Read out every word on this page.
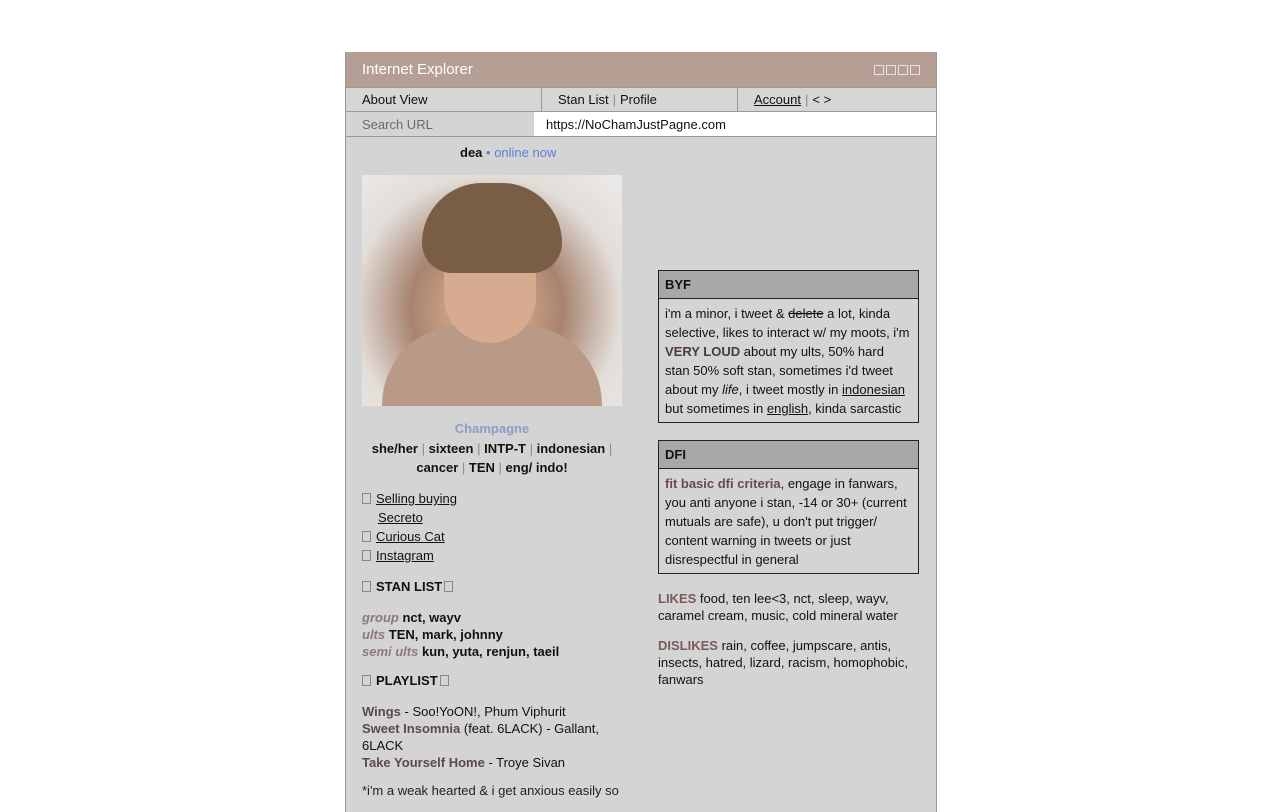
Internet Explorer
About View	Stan List | Profile	Account | < >
Search URL
https://NoChamJustPagne.com
dea • online now
Champagne
she/her | sixteen | INTP-T | indonesian |
cancer | TEN | eng/ indo!
Selling buying
Secreto
Curious Cat
Instagram
STAN LIST
group nct, wayv
ults TEN, mark, johnny
semi ults kun, yuta, renjun, taeil
PLAYLIST
Wings - Soo!YoON!, Phum Viphurit
Sweet Insomnia (feat. 6LACK) - Gallant, 6LACK
Take Yourself Home - Troye Sivan
*i'm a weak hearted & i get anxious easily so
BYF
i'm a minor, i tweet & delete a lot, kinda selective, likes to interact w/ my moots, i'm VERY LOUD about my ults, 50% hard stan 50% soft stan, sometimes i'd tweet about my life, i tweet mostly in indonesian but sometimes in english, kinda sarcastic
DFI
fit basic dfi criteria, engage in fanwars, you anti anyone i stan, -14 or 30+ (current mutuals are safe), u don't put trigger/ content warning in tweets or just disrespectful in general
LIKES food, ten lee<3, nct, sleep, wayv, caramel cream, music, cold mineral water
DISLIKES rain, coffee, jumpscare, antis, insects, hatred, lizard, racism, homophobic, fanwars
